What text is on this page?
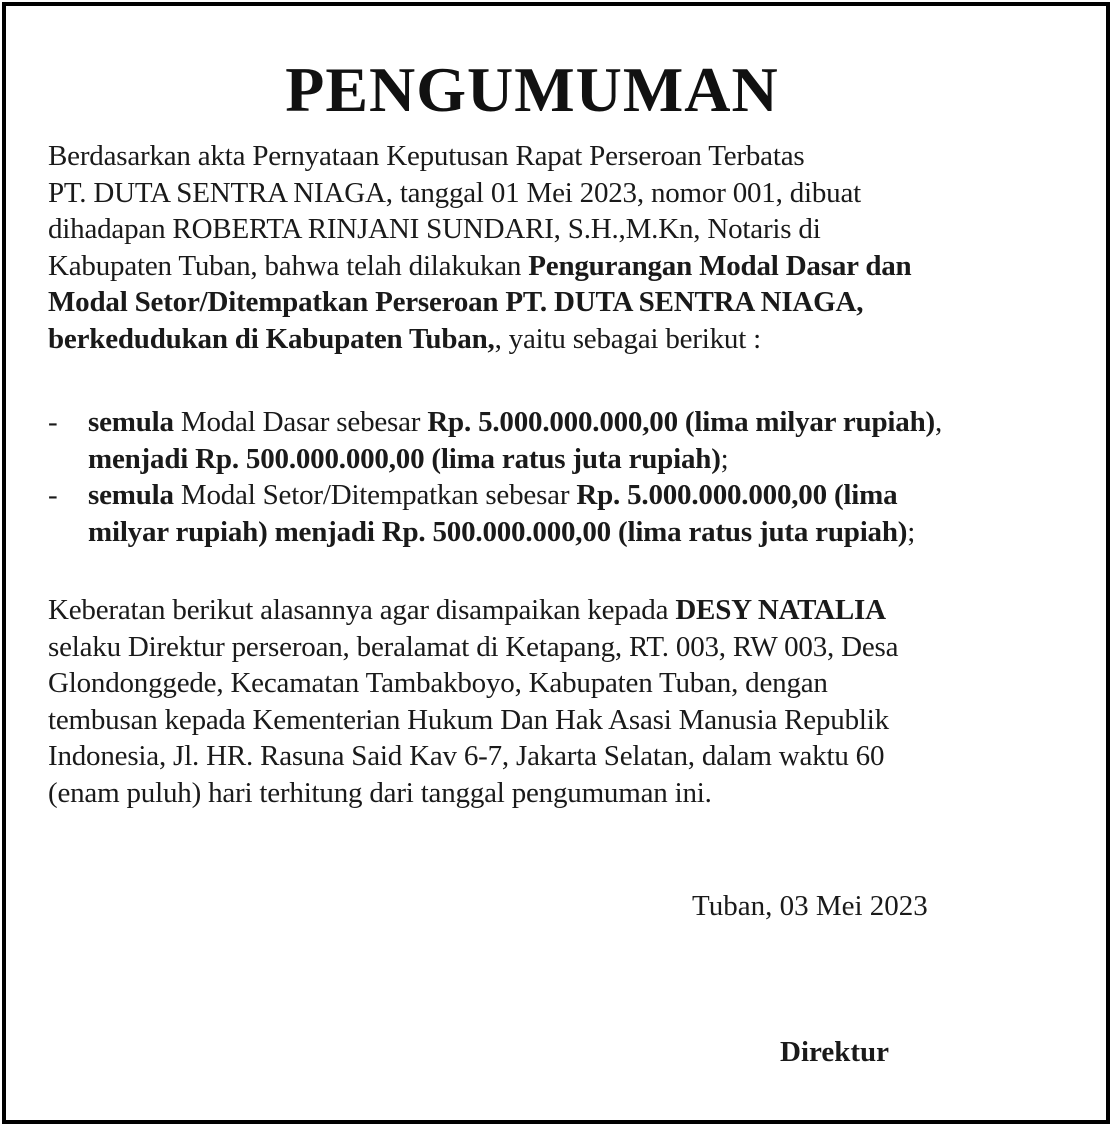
PENGUMUMAN
Berdasarkan akta Pernyataan Keputusan Rapat Perseroan Terbatas
PT. DUTA SENTRA NIAGA, tanggal 01 Mei 2023, nomor 001, dibuat
dihadapan ROBERTA RINJANI SUNDARI, S.H.,M.Kn, Notaris di
Kabupaten Tuban, bahwa telah dilakukan Pengurangan Modal Dasar dan
Modal Setor/Ditempatkan Perseroan PT. DUTA SENTRA NIAGA,
berkedudukan di Kabupaten Tuban,, yaitu sebagai berikut :
- semula Modal Dasar sebesar Rp. 5.000.000.000,00 (lima milyar rupiah),
menjadi Rp. 500.000.000,00 (lima ratus juta rupiah);
- semula Modal Setor/Ditempatkan sebesar Rp. 5.000.000.000,00 (lima
milyar rupiah) menjadi Rp. 500.000.000,00 (lima ratus juta rupiah);
Keberatan berikut alasannya agar disampaikan kepada DESY NATALIA
selaku Direktur perseroan, beralamat di Ketapang, RT. 003, RW 003, Desa
Glondonggede, Kecamatan Tambakboyo, Kabupaten Tuban, dengan
tembusan kepada Kementerian Hukum Dan Hak Asasi Manusia Republik
Indonesia, Jl. HR. Rasuna Said Kav 6-7, Jakarta Selatan, dalam waktu 60
(enam puluh) hari terhitung dari tanggal pengumuman ini.
Tuban, 03 Mei 2023
Direktur
